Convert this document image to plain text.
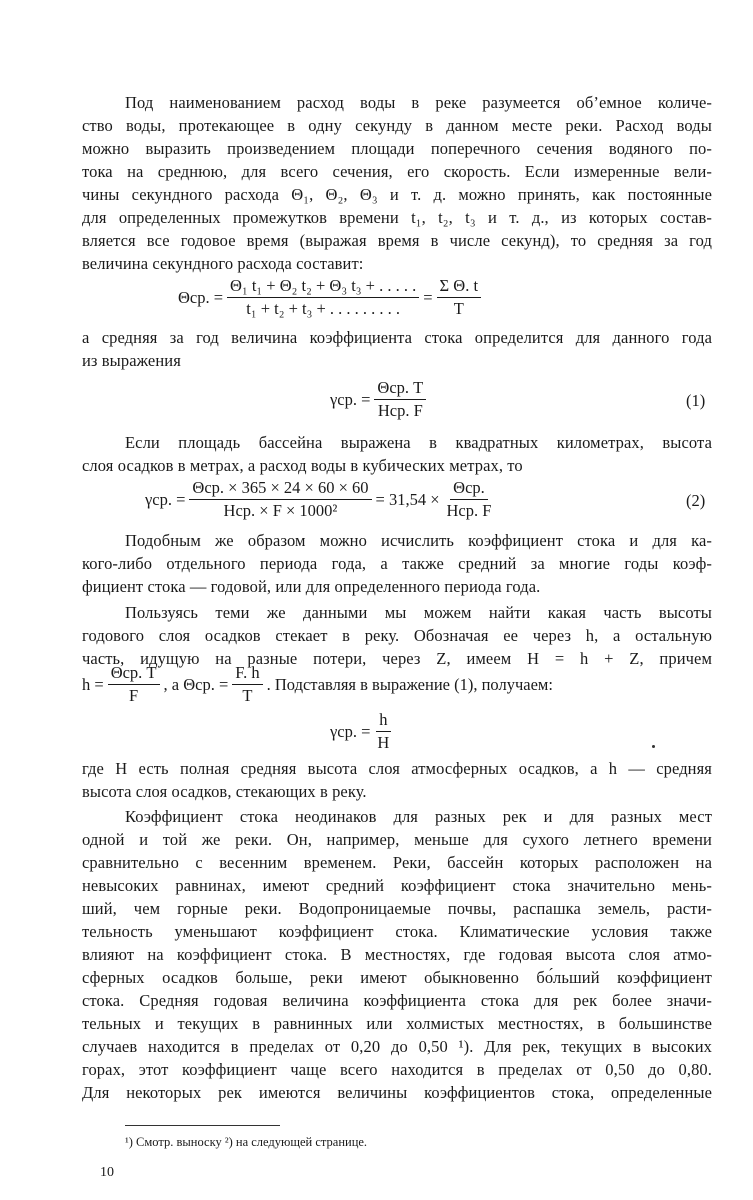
Под наименованием расход воды в реке разумеется об’емное количе-
ство воды, протекающее в одну секунду в данном месте реки. Расход воды
можно выразить произведением площади поперечного сечения водяного по-
тока на среднюю, для всего сечения, его скорость. Если измеренные вели-
чины секундного расхода Θ₁, Θ₂, Θ₃ и т. д. можно принять, как постоянные
для определенных промежутков времени t₁, t₂, t₃ и т. д., из которых состав-
вляется все годовое время (выражая время в числе секунд), то средняя за год
величина секундного расхода составит:
Θср. = $\frac{\text{Θ₁ t₁ + Θ₂ t₂ + Θ₃ t₃ + . . . . .}}{\text{t₁ + t₂ + t₃ + . . . . . . . . .}} = \frac{\text{Σ Θ. t}}{T}$
а средняя за год величина коэффициента стока определится для данного года
из выражения
γср. = $\frac{\text{Θср. T}}{\text{Hср. F}}$	(1)
Если площадь бассейна выражена в квадратных километрах, высота
слоя осадков в метрах, а расход воды в кубических метрах, то
γср. = $\frac{\text{Θср. × 365 × 24 × 60 × 60}}{\text{Hср. × F × 1000²}} = 31,54 \times \frac{\text{Θср.}}{\text{Hср. F}}$	(2)
Подобным же образом можно исчислить коэффициент стока и для ка-
кого-либо отдельного периода года, а также средний за многие годы коэф-
фициент стока — годовой, или для определенного периода года.
Пользуясь теми же данными мы можем найти какая часть высоты
годового слоя осадков стекает в реку. Обозначая ее через h, а остальную
часть, идущую на разные потери, через Z, имеем H = h + Z, причем
$h = \frac{\text{Θср. T}}{F}$ , а Θср. = $\frac{F. h}{T}$ . Подставляя в выражение (1), получаем:
γср. = $\frac{h}{H}$
где H есть полная средняя высота слоя атмосферных осадков, а h — средняя
высота слоя осадков, стекающих в реку.
Коэффициент стока неодинаков для разных рек и для разных мест
одной и той же реки. Он, например, меньше для сухого летнего времени
сравнительно с весенним временем. Реки, бассейн которых расположен на
невысоких равнинах, имеют средний коэффициент стока значительно мень-
ший, чем горные реки. Водопроницаемые почвы, распашка земель, расти-
тельность уменьшают коэффициент стока. Климатические условия также
влияют на коэффициент стока. В местностях, где годовая высота слоя атмо-
сферных осадков больше, реки имеют обыкновенно бо́льший коэффициент
стока. Средняя годовая величина коэффициента стока для рек более значи-
тельных и текущих в равнинных или холмистых местностях, в большинстве
случаев находится в пределах от 0,20 до 0,50 ¹). Для рек, текущих в высоких
горах, этот коэффициент чаще всего находится в пределах от 0,50 до 0,80.
Для некоторых рек имеются величины коэффициентов стока, определенные
¹) Смотр. выноску ²) на следующей странице.
10
